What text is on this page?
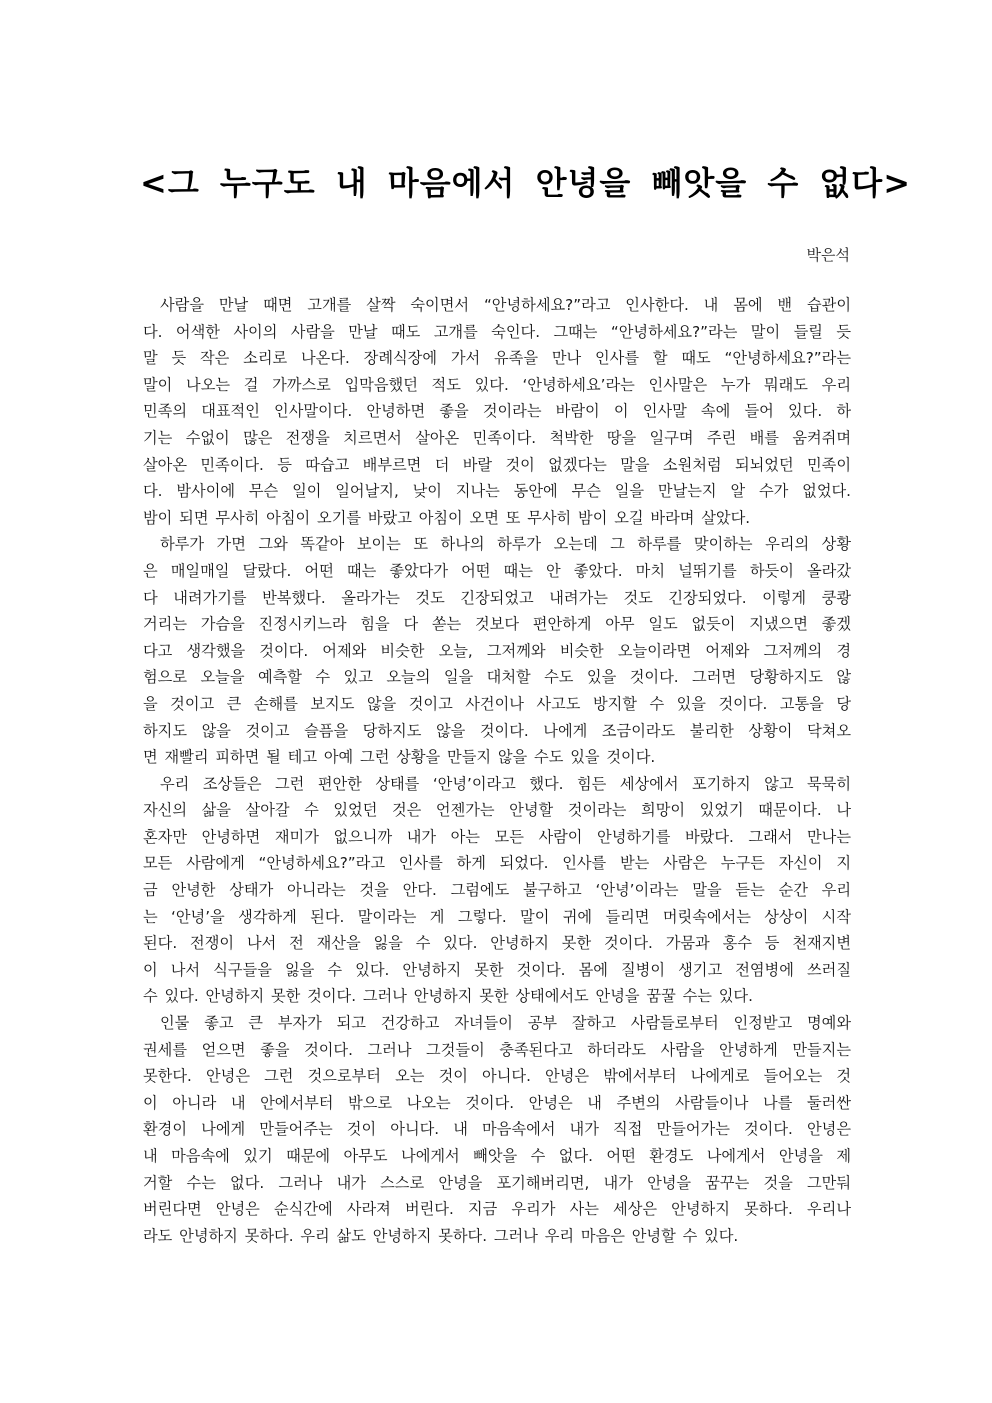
<그 누구도 내 마음에서 안녕을 빼앗을 수 없다>
박은석
사람을 만날 때면 고개를 살짝 숙이면서 “안녕하세요?”라고 인사한다. 내 몸에 밴 습관이
다. 어색한 사이의 사람을 만날 때도 고개를 숙인다. 그때는 “안녕하세요?”라는 말이 들릴 듯
말 듯 작은 소리로 나온다. 장례식장에 가서 유족을 만나 인사를 할 때도 “안녕하세요?”라는
말이 나오는 걸 가까스로 입막음했던 적도 있다. ‘안녕하세요’라는 인사말은 누가 뭐래도 우리
민족의 대표적인 인사말이다. 안녕하면 좋을 것이라는 바람이 이 인사말 속에 들어 있다. 하
기는 수없이 많은 전쟁을 치르면서 살아온 민족이다. 척박한 땅을 일구며 주린 배를 움켜쥐며
살아온 민족이다. 등 따습고 배부르면 더 바랄 것이 없겠다는 말을 소원처럼 되뇌었던 민족이
다. 밤사이에 무슨 일이 일어날지, 낮이 지나는 동안에 무슨 일을 만날는지 알 수가 없었다.
밤이 되면 무사히 아침이 오기를 바랐고 아침이 오면 또 무사히 밤이 오길 바라며 살았다.
하루가 가면 그와 똑같아 보이는 또 하나의 하루가 오는데 그 하루를 맞이하는 우리의 상황
은 매일매일 달랐다. 어떤 때는 좋았다가 어떤 때는 안 좋았다. 마치 널뛰기를 하듯이 올라갔
다 내려가기를 반복했다. 올라가는 것도 긴장되었고 내려가는 것도 긴장되었다. 이렇게 쿵쾅
거리는 가슴을 진정시키느라 힘을 다 쏟는 것보다 편안하게 아무 일도 없듯이 지냈으면 좋겠
다고 생각했을 것이다. 어제와 비슷한 오늘, 그저께와 비슷한 오늘이라면 어제와 그저께의 경
험으로 오늘을 예측할 수 있고 오늘의 일을 대처할 수도 있을 것이다. 그러면 당황하지도 않
을 것이고 큰 손해를 보지도 않을 것이고 사건이나 사고도 방지할 수 있을 것이다. 고통을 당
하지도 않을 것이고 슬픔을 당하지도 않을 것이다. 나에게 조금이라도 불리한 상황이 닥쳐오
면 재빨리 피하면 될 테고 아예 그런 상황을 만들지 않을 수도 있을 것이다.
우리 조상들은 그런 편안한 상태를 ‘안녕’이라고 했다. 힘든 세상에서 포기하지 않고 묵묵히
자신의 삶을 살아갈 수 있었던 것은 언젠가는 안녕할 것이라는 희망이 있었기 때문이다. 나
혼자만 안녕하면 재미가 없으니까 내가 아는 모든 사람이 안녕하기를 바랐다. 그래서 만나는
모든 사람에게 “안녕하세요?”라고 인사를 하게 되었다. 인사를 받는 사람은 누구든 자신이 지
금 안녕한 상태가 아니라는 것을 안다. 그럼에도 불구하고 ‘안녕’이라는 말을 듣는 순간 우리
는 ‘안녕’을 생각하게 된다. 말이라는 게 그렇다. 말이 귀에 들리면 머릿속에서는 상상이 시작
된다. 전쟁이 나서 전 재산을 잃을 수 있다. 안녕하지 못한 것이다. 가뭄과 홍수 등 천재지변
이 나서 식구들을 잃을 수 있다. 안녕하지 못한 것이다. 몸에 질병이 생기고 전염병에 쓰러질
수 있다. 안녕하지 못한 것이다. 그러나 안녕하지 못한 상태에서도 안녕을 꿈꿀 수는 있다.
인물 좋고 큰 부자가 되고 건강하고 자녀들이 공부 잘하고 사람들로부터 인정받고 명예와
권세를 얻으면 좋을 것이다. 그러나 그것들이 충족된다고 하더라도 사람을 안녕하게 만들지는
못한다. 안녕은 그런 것으로부터 오는 것이 아니다. 안녕은 밖에서부터 나에게로 들어오는 것
이 아니라 내 안에서부터 밖으로 나오는 것이다. 안녕은 내 주변의 사람들이나 나를 둘러싼
환경이 나에게 만들어주는 것이 아니다. 내 마음속에서 내가 직접 만들어가는 것이다. 안녕은
내 마음속에 있기 때문에 아무도 나에게서 빼앗을 수 없다. 어떤 환경도 나에게서 안녕을 제
거할 수는 없다. 그러나 내가 스스로 안녕을 포기해버리면, 내가 안녕을 꿈꾸는 것을 그만둬
버린다면 안녕은 순식간에 사라져 버린다. 지금 우리가 사는 세상은 안녕하지 못하다. 우리나
라도 안녕하지 못하다. 우리 삶도 안녕하지 못하다. 그러나 우리 마음은 안녕할 수 있다.
